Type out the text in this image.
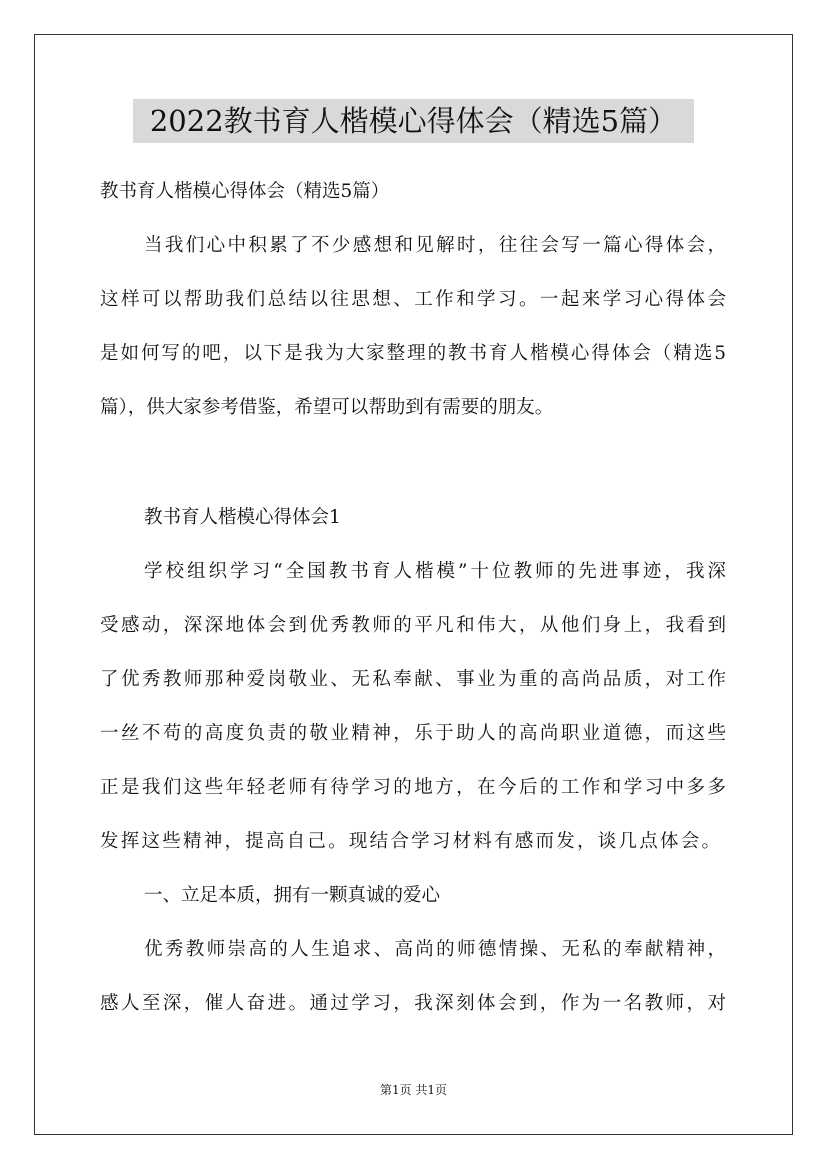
2022教书育人楷模心得体会（精选5篇）
教书育人楷模心得体会（精选5篇）
当我们心中积累了不少感想和见解时，往往会写一篇心得体会，
这样可以帮助我们总结以往思想、工作和学习。一起来学习心得体会
是如何写的吧，以下是我为大家整理的教书育人楷模心得体会（精选5
篇），供大家参考借鉴，希望可以帮助到有需要的朋友。
教书育人楷模心得体会1
学校组织学习“全国教书育人楷模”十位教师的先进事迹，我深
受感动，深深地体会到优秀教师的平凡和伟大，从他们身上，我看到
了优秀教师那种爱岗敬业、无私奉献、事业为重的高尚品质，对工作
一丝不苟的高度负责的敬业精神，乐于助人的高尚职业道德，而这些
正是我们这些年轻老师有待学习的地方，在今后的工作和学习中多多
发挥这些精神，提高自己。现结合学习材料有感而发，谈几点体会。
一、立足本质，拥有一颗真诚的爱心
优秀教师崇高的人生追求、高尚的师德情操、无私的奉献精神，
感人至深，催人奋进。通过学习，我深刻体会到，作为一名教师，对
第1页 共1页
